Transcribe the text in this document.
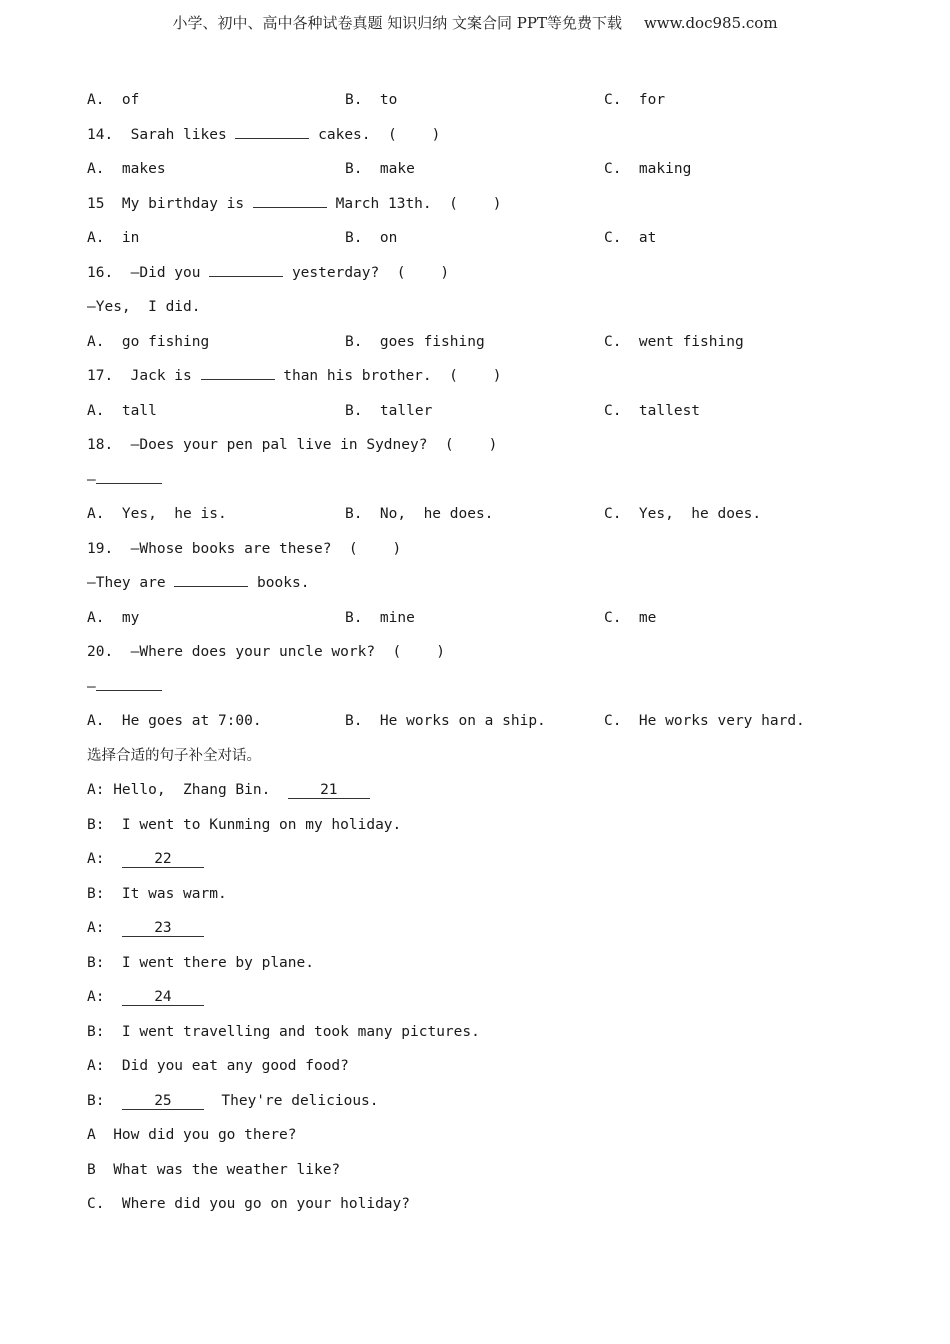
小学、初中、高中各种试卷真题 知识归纳 文案合同 PPT等免费下载 www.doc985.com

A.  of

	B.  to

	C.  for

14.  Sarah likes	cakes.  (    )

A.  makes

	B.  make

	C.  making

15  My birthday is	March 13th.  (    )

A.  in

	B.  on

	C.  at

16.  —Did you	yesterday?  (    )
—Yes,  I did.

A.  go fishing

	B.  goes fishing

	C.  went fishing

17.  Jack is	than his brother.  (    )

A.  tall

	B.  taller

	C.  tallest

18.  —Does your pen pal live in Sydney?  (    )
—

A.  Yes,  he is.

	B.  No,  he does.

	C.  Yes,  he does.

19.  —Whose books are these?  (    )
—They are	books.

A.  my

	B.  mine

	C.  me

20.  —Where does your uncle work?  (    )
—

A.  He goes at 7:00.

	B.  He works on a ship.

	C.  He works very hard.

选择合适的句子补全对话。
A: Hello,  Zhang Bin.  21
B:  I went to Kunming on my holiday.
A:  22
B:  It was warm.
A:  23
B:  I went there by plane.
A:  24
B:  I went travelling and took many pictures.
A:  Did you eat any good food?
B:  25  They're delicious.
A  How did you go there?
B  What was the weather like?
C.  Where did you go on your holiday?
